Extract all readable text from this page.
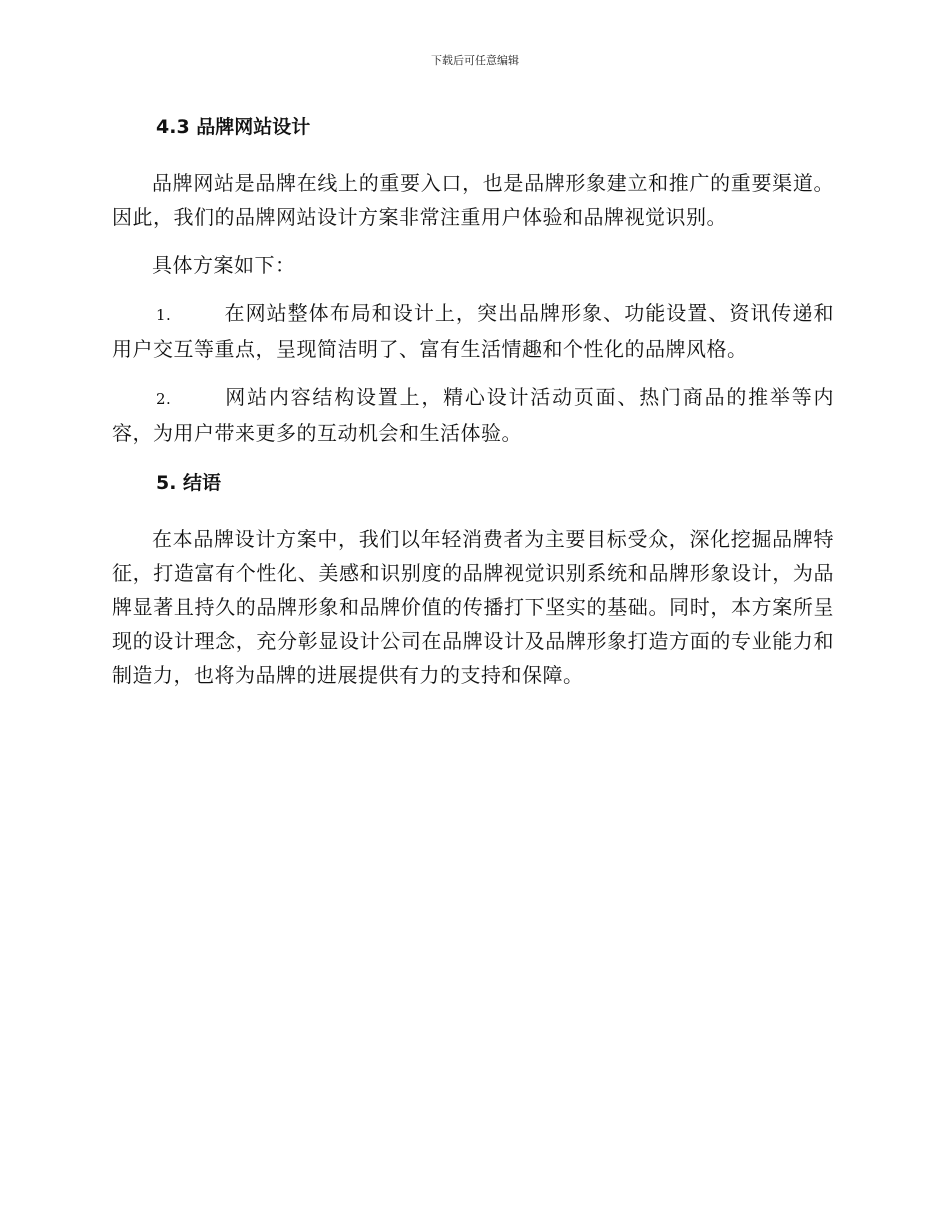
下载后可任意编辑
4.3 品牌网站设计

品牌网站是品牌在线上的重要入口，也是品牌形象建立和推广的重要渠道。因此，我们的品牌网站设计方案非常注重用户体验和品牌视觉识别。

具体方案如下：

1.	在网站整体布局和设计上，突出品牌形象、功能设置、资讯传递和用户交互等重点，呈现简洁明了、富有生活情趣和个性化的品牌风格。

2.	网站内容结构设置上，精心设计活动页面、热门商品的推举等内容，为用户带来更多的互动机会和生活体验。

5. 结语

在本品牌设计方案中，我们以年轻消费者为主要目标受众，深化挖掘品牌特征，打造富有个性化、美感和识别度的品牌视觉识别系统和品牌形象设计，为品牌显著且持久的品牌形象和品牌价值的传播打下坚实的基础。同时，本方案所呈现的设计理念，充分彰显设计公司在品牌设计及品牌形象打造方面的专业能力和制造力，也将为品牌的进展提供有力的支持和保障。
